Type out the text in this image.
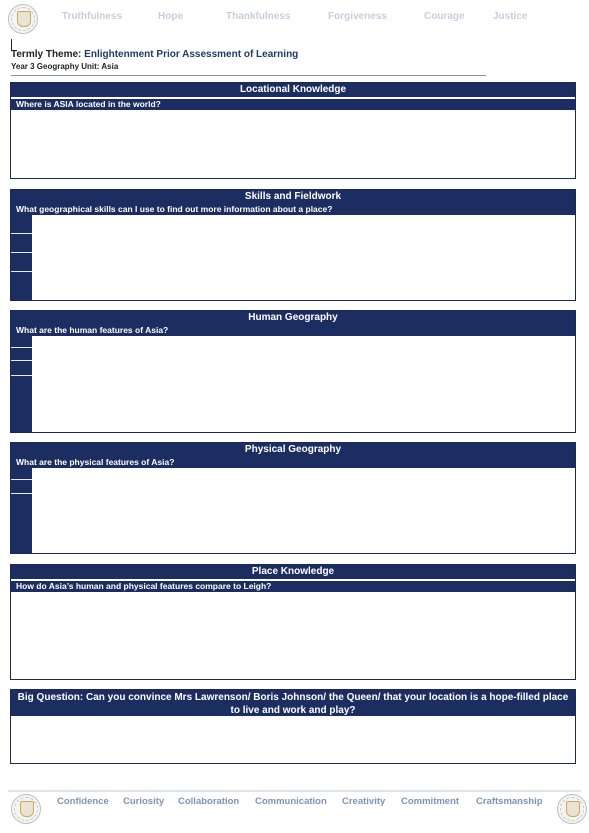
Truthfulness	Hope	Thankfulness	Forgiveness	Courage	Justice
Termly Theme: Enlightenment Prior Assessment of Learning
Year 3 Geography Unit: Asia
Locational Knowledge
Where is ASIA located in the world?
Skills and Fieldwork
What geographical skills can I use to find out more information about a place?
Human Geography
What are the human features of Asia?
Physical Geography
What are the physical features of Asia?
Place Knowledge
How do Asia’s human and physical features compare to Leigh?
Big Question: Can you convince Mrs Lawrenson/ Boris Johnson/ the Queen/ that your location is a hope-filled place to live and work and play?
Confidence Curiosity Collaboration Communication Creativity Commitment Craftsmanship
